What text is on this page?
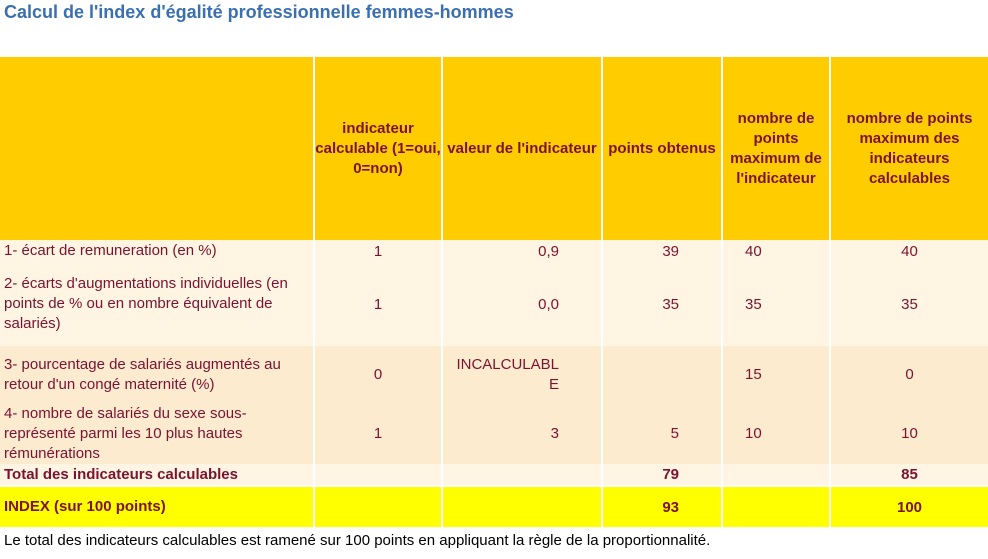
Calcul de l'index d'égalité professionnelle femmes-hommes
	indicateur calculable (1=oui, 0=non)	valeur de l'indicateur	points obtenus	nombre de points maximum de l'indicateur	nombre de points maximum des indicateurs calculables
1- écart de remuneration (en %)	1	0,9	39	40	40
2- écarts d'augmentations individuelles (en points de % ou en nombre équivalent de salariés)	1	0,0	35	35	35
3- pourcentage de salariés augmentés au retour d'un congé maternité (%)	0	INCALCULABLE		15	0
4- nombre de salariés du sexe sous-représenté parmi les 10 plus hautes rémunérations	1	3	5	10	10
Total des indicateurs calculables			79		85
INDEX (sur 100 points)			93		100
Le total des indicateurs calculables est ramené sur 100 points en appliquant la règle de la proportionnalité.
